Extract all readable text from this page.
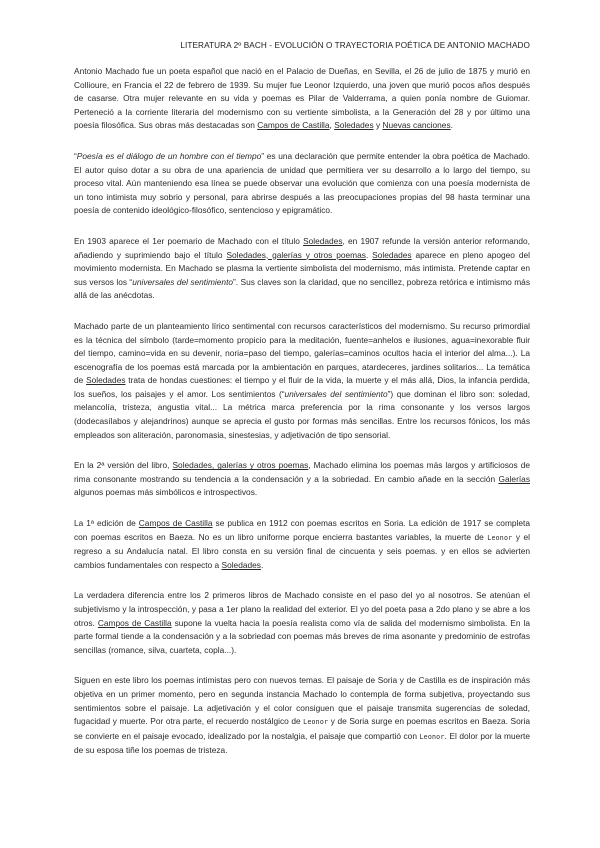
LITERATURA 2º BACH - EVOLUCIÓN O TRAYECTORIA POÉTICA DE ANTONIO MACHADO

Antonio Machado fue un poeta español que nació en el Palacio de Dueñas, en Sevilla, el 26 de julio de 1875 y murió en Collioure, en Francia el 22 de febrero de 1939. Su mujer fue Leonor Izquierdo, una joven que murió pocos años después de casarse. Otra mujer relevante en su vida y poemas es Pilar de Valderrama, a quien ponía nombre de Guiomar. Perteneció a la corriente literaria del modernismo con su vertiente simbolista, a la Generación del 28 y por último una poesía filosófica. Sus obras más destacadas son Campos de Castilla, Soledades y Nuevas canciones.

“Poesía es el diálogo de un hombre con el tiempo” es una declaración que permite entender la obra poética de Machado. El autor quiso dotar a su obra de una apariencia de unidad que permitiera ver su desarrollo a lo largo del tiempo, su proceso vital. Aún manteniendo esa línea se puede observar una evolución que comienza con una poesía modernista de un tono intimista muy sobrio y personal, para abrirse después a las preocupaciones propias del 98 hasta terminar una poesía de contenido ideológico-filosófico, sentencioso y epigramático.

En 1903 aparece el 1er poemario de Machado con el título Soledades, en 1907 refunde la versión anterior reformando, añadiendo y suprimiendo bajo el título Soledades, galerías y otros poemas. Soledades aparece en pleno apogeo del movimiento modernista. En Machado se plasma la vertiente simbolista del modernismo, más intimista. Pretende captar en sus versos los “universales del sentimiento”. Sus claves son la claridad, que no sencillez, pobreza retórica e intimismo más allá de las anécdotas.

Machado parte de un planteamiento lírico sentimental con recursos característicos del modernismo. Su recurso primordial es la técnica del símbolo (tarde=momento propicio para la meditación, fuente=anhelos e ilusiones, agua=inexorable fluir del tiempo, camino=vida en su devenir, noria=paso del tiempo, galerías=caminos ocultos hacia el interior del alma...). La escenografía de los poemas está marcada por la ambientación en parques, atardeceres, jardines solitarios... La temática de Soledades trata de hondas cuestiones: el tiempo y el fluir de la vida, la muerte y el más allá, Dios, la infancia perdida, los sueños, los paisajes y el amor. Los sentimientos (“universales del sentimiento”) que dominan el libro son: soledad, melancolía, tristeza, angustia vital... La métrica marca preferencia por la rima consonante y los versos largos (dodecasílabos y alejandrinos) aunque se aprecia el gusto por formas más sencillas. Entre los recursos fónicos, los más empleados son aliteración, paronomasia, sinestesias, y adjetivación de tipo sensorial.

En la 2ª versión del libro, Soledades, galerías y otros poemas, Machado elimina los poemas más largos y artificiosos de rima consonante mostrando su tendencia a la condensación y a la sobriedad. En cambio añade en la sección Galerías algunos poemas más simbólicos e introspectivos.

La 1ª edición de Campos de Castilla se publica en 1912 con poemas escritos en Soria. La edición de 1917 se completa con poemas escritos en Baeza. No es un libro uniforme porque encierra bastantes variables, la muerte de Leonor y el regreso a su Andalucía natal. El libro consta en su versión final de cincuenta y seis poemas. y en ellos se advierten cambios fundamentales con respecto a Soledades.

La verdadera diferencia entre los 2 primeros libros de Machado consiste en el paso del yo al nosotros. Se atenúan el subjetivismo y la introspección, y pasa a 1er plano la realidad del exterior. El yo del poeta pasa a 2do plano y se abre a los otros. Campos de Castilla supone la vuelta hacia la poesía realista como vía de salida del modernismo simbolista. En la parte formal tiende a la condensación y a la sobriedad con poemas más breves de rima asonante y predominio de estrofas sencillas (romance, silva, cuarteta, copla...).

Siguen en este libro los poemas intimistas pero con nuevos temas. El paisaje de Soria y de Castilla es de inspiración más objetiva en un primer momento, pero en segunda instancia Machado lo contempla de forma subjetiva, proyectando sus sentimientos sobre el paisaje. La adjetivación y el color consiguen que el paisaje transmita sugerencias de soledad, fugacidad y muerte. Por otra parte, el recuerdo nostálgico de Leonor y de Soria surge en poemas escritos en Baeza. Soria se convierte en el paisaje evocado, idealizado por la nostalgia, el paisaje que compartió con Leonor. El dolor por la muerte de su esposa tiñe los poemas de tristeza.
